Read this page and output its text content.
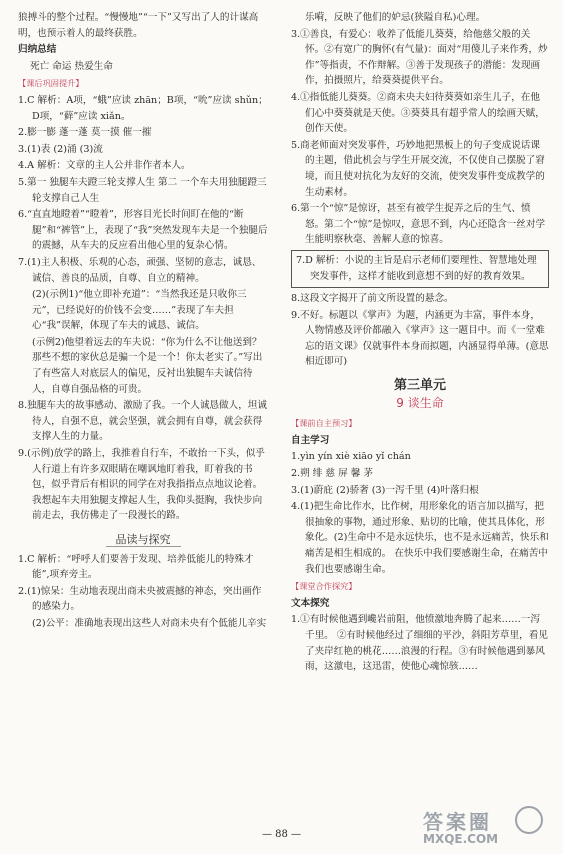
狼搏斗的整个过程。“慢慢地”“一下”又写出了人的计谋高明，也预示着人的最终获胜。

归纳总结

死亡 命运 热爱生命

【课后巩固提升】

1.C 解析：A项，“蛾”应读 zhān；B项，“吮”应读 shǔn；D项，“藓”应读 xiǎn。

2.膨一膨 蓬一蓬 莫一摸 催一摧

3.(1)表 (2)涌 (3)流

4.A 解析：文章的主人公并非作者本人。

5.第一 独腿车夫蹬三轮支撑人生 第二 一个车夫用独腿蹬三轮支撑自己人生

6.“直直地瞪着”“瞪着”，形容目光长时间盯在他的“断腿”和“裤管”上，表现了“我”突然发现车夫是一个独腿后的震撼，从车夫的反应看出他心里的复杂心情。

7.(1)主人积极、乐观的心态，顽强、坚韧的意志，诚恳、诚信、善良的品质，自尊、自立的精神。

(2)(示例1)“他立即补充道”：“当然我还是只收你三元”，已经说好的价钱不会变……”表现了车夫担心“我”误解，体现了车夫的诚恳、诚信。

(示例2)他望着远去的车夫说：“你为什么不让他送到？那些不想的家伙总是骗一个是一个！你太老实了。”写出了有些富人对底层人的偏见，反衬出独腿车夫诚信待人，自尊自强品格的可贵。

8.独腿车夫的故事感动、激励了我。一个人诚恳做人，坦诚待人，自强不息，就会坚强，就会拥有自尊，就会获得支撑人生的力量。

9.(示例)放学的路上，我推着自行车，不敢抬一下头，似乎人行道上有许多双眼睛在嘲讽地盯着我，盯着我的书包，似乎背后有相识的同学在对我指指点点地议论着。我想起车夫用独腿支撑起人生，我仰头挺胸，我快步向前走去，我仿佛走了一段漫长的路。

品读与探究

1.C 解析：“呼呼人们要善于发现、培养低能儿的特殊才能”,项弃旁主。

2.(1)惊呆：生动地表现出商未央被震撼的神态，突出画作的感染力。

(2)公平：准确地表现出这些人对商未央有个低能儿辛实

乐嗬，反映了他们的妒忌(狭隘自私)心理。

3.①善良，有爱心：收养了低能儿葵葵，给他慈父般的关怀。②有宽广的胸怀(有气量)：面对“用傻儿子来作秀，炒作”等指责，不作辩解。③善于发现孩子的潜能：发现画作，拍摄照片，给葵葵提供平台。

4.①指低能儿葵葵。②商未央夫妇待葵葵如亲生儿子，在他们心中葵葵就是天使。③葵葵具有超乎常人的绘画天赋，创作天使。

5.商老师面对突发事件，巧妙地把黑板上的句子变成说话课的主题，借此机会与学生开展交流，不仅使自己摆脱了窘境，而且使对抗化为友好的交流，使突发事件变成教学的生动素材。

6.第一个“惊”是惊讶，甚至有被学生捉弄之后的生气、愤怒。第二个“惊”是惊叹，意思不到，内心还隐含一丝对学生能明察秋毫、善解人意的惊喜。

7.D 解析：小说的主旨是启示老师们要理性、智慧地处理突发事件，这样才能收到意想不到的好的教育效果。

8.这段文字揭开了前文所设置的悬念。

9.不好。标题以《掌声》为题，内涵更为丰富，事件本身，人物情感及评价都融入《掌声》这一题目中。而《一堂难忘的语文课》仅就事件本身而拟题，内涵显得单薄。(意思相近即可)

第三单元
9 谈生命
【课前自主预习】

自主学习

1.yìn yín xiè xiāo yǐ chán

2.朔 绯 慈 屏 馨 茅

3.(1)蔚庇 (2)骄奢 (3)一泻千里 (4)叶落归根

4.(1)把生命比作水，比作树，用形象化的语言加以描写，把很抽象的事物，通过形象、贴切的比喻，使其具体化，形象化。(2)生命中不是永远快乐，也不是永远痛苦，快乐和痛苦是相生相成的。 在快乐中我们要感谢生命，在痛苦中我们也要感谢生命。

【课堂合作探究】

文本探究

1.①有时候他遇到巉岩前阻，他愤激地奔腾了起来……一泻千里。 ②有时候他经过了细细的平沙，斜阳芳草里，看见了夹岸红艳的桃花……浪漫的行程。③有时候他遇到暴风雨，这激电，这迅雷，使他心魂惊骇……

— 88 —
答案圈
MXQE.COM
